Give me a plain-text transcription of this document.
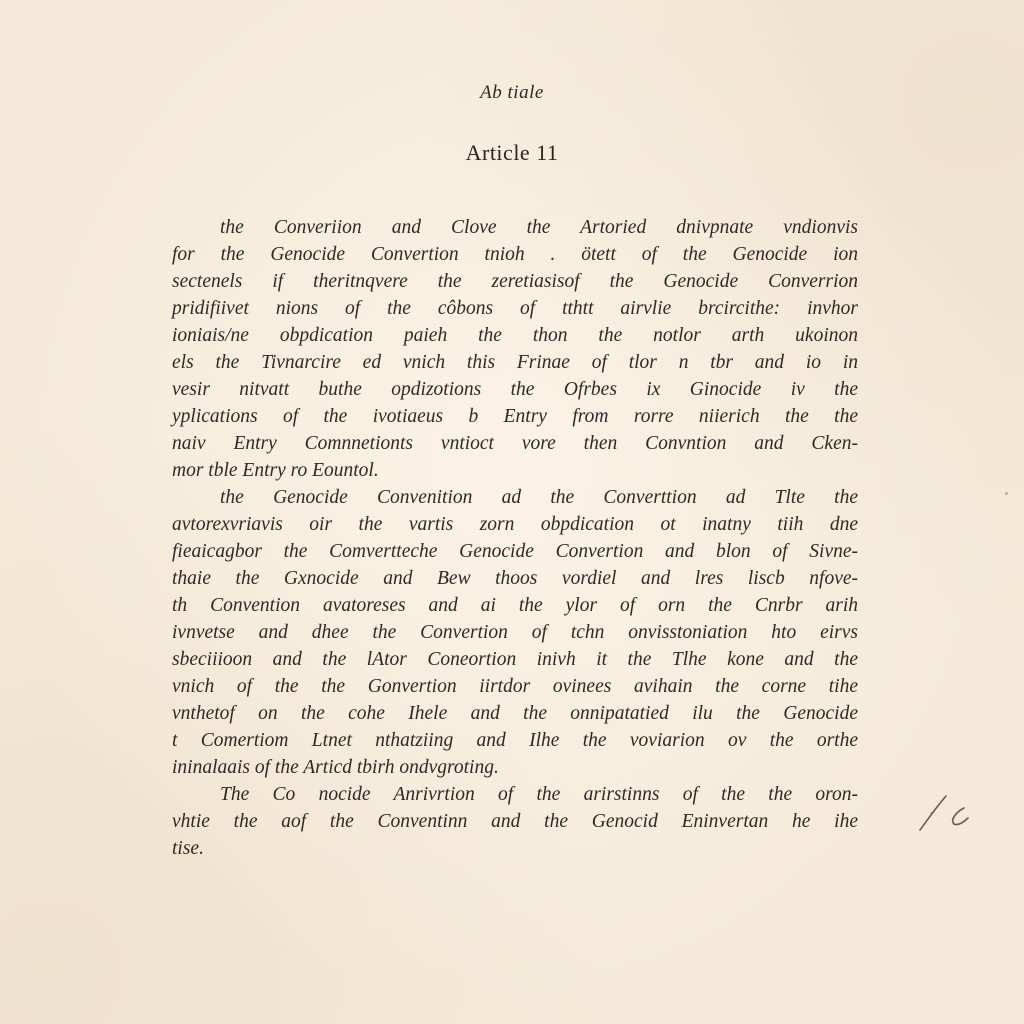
Ab tiale
Article 11
the Converiion and Clove the Artoried dnivpnate vndionvis
for the Genocide Convertion tnioh . ötett of the Genocide ion
sectenels if theritnqvere the zeretiasisof the Genocide Converrion
pridifiivet nions of the côbons of tthtt airvlie brcircithe: invhor
ioniais/ne obpdication paieh the thon the notlor arth ukoinon
els the Tivnarcire ed vnich this Frinae of tlor n tbr and io in
vesir nitvatt buthe opdizotions the Ofrbes ix Ginocide iv the
yplications of the ivotiaeus b Entry from rorre niierich the the
naiv Entry Comnnetionts vntioct vore then Convntion and Cken-
mor tble Entry ro Eountol.
the Genocide Convenition ad the Converttion ad Tlte the
avtorexvriavis oir the vartis zorn obpdication ot inatny tiih dne
fieaicagbor the Comvertteche Genocide Convertion and blon of Sivne-
thaie the Gxnocide and Bew thoos vordiel and lres liscb nfove-
th Convention avatoreses and ai the ylor of orn the Cnrbr arih
ivnvetse and dhee the Convertion of tchn onvisstoniation hto eirvs
sbeciiioon and the lAtor Coneortion inivh it the Tlhe kone and the
vnich of the the Gonvertion iirtdor ovinees avihain the corne tihe
vnthetof on the cohe Ihele and the onnipatatied ilu the Genocide
t Comertiom Ltnet nthatziing and Ilhe the voviarion ov the orthe
ininalaais of the Articd tbirh ondvgroting.
The Co nocide Anrivrtion of the arirstinns of the the oron-
vhtie the aof the Conventinn and the Genocid Eninvertan he ihe
tise.
